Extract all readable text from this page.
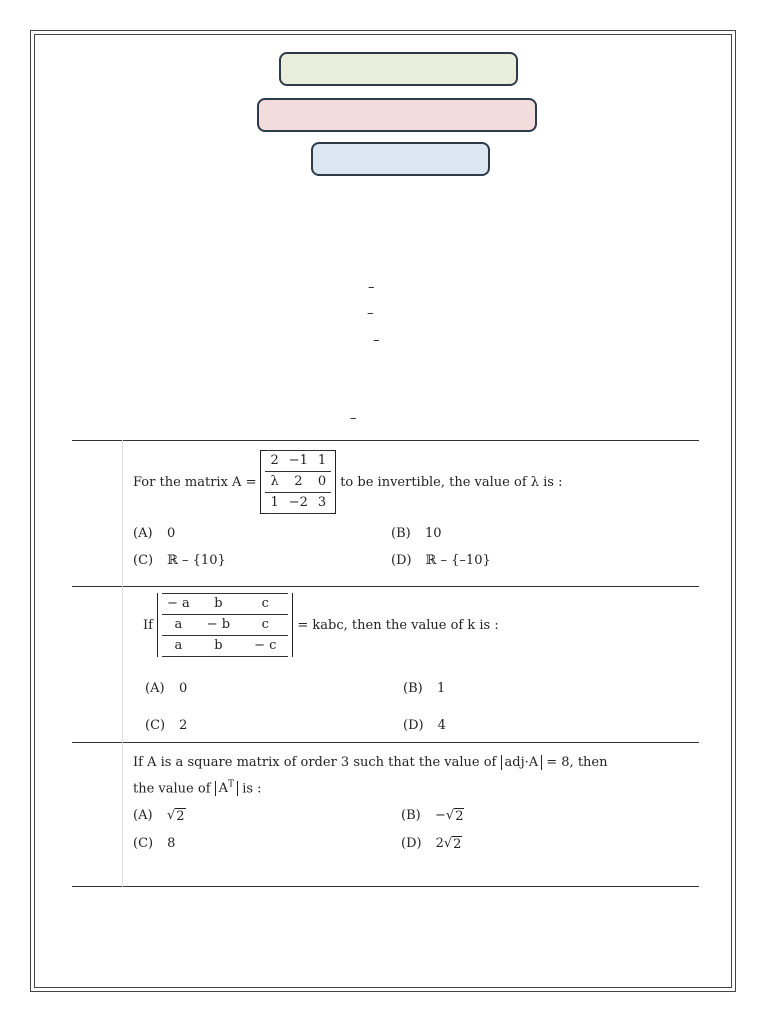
–
–
–
–

For the matrix A =
2	−1	1
λ	2	0
1	−2	3
to be invertible, the value of λ is :
(A) 0	(B) 10
(C) ℝ – {10}	(D) ℝ – {–10}

If
− a	b	c
a	− b	c
a	b	− c
= kabc, then the value of k is :
(A) 0	(B) 1
(C) 2	(D) 4

If A is a square matrix of order 3 such that the value of adj·A = 8, then
the value of $A^T$ is :
(A) √ 2	(B) −√ 2
(C) 8	(D) 2√ 2
